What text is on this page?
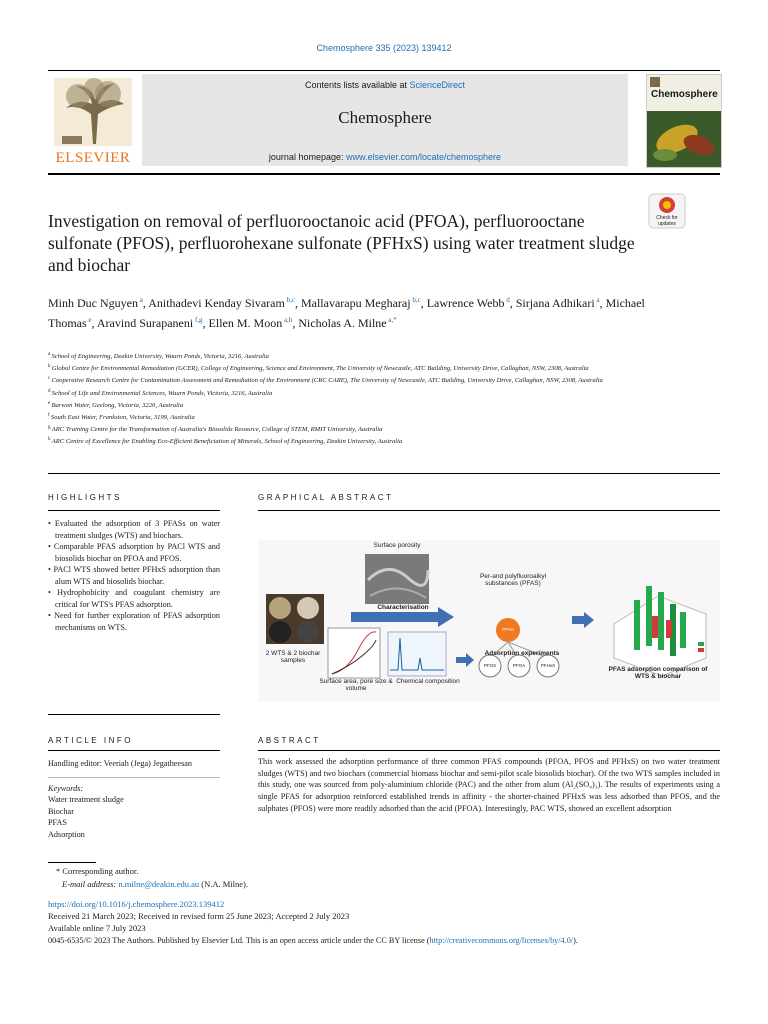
Chemosphere 335 (2023) 139412
ELSEVIER
Contents lists available at ScienceDirect
Chemosphere
journal homepage: www.elsevier.com/locate/chemosphere
Chemosphere
Check for updates
Investigation on removal of perfluorooctanoic acid (PFOA), perfluorooctane sulfonate (PFOS), perfluorohexane sulfonate (PFHxS) using water treatment sludge and biochar
Minh Duc Nguyen $^a$, Anithadevi Kenday Sivaram $^{b,c}$, Mallavarapu Megharaj $^{b,c}$, Lawrence Webb $^d$, Sirjana Adhikari $^a$, Michael Thomas $^e$, Aravind Surapaneni $^{f,g}$, Ellen M. Moon $^{a,h}$, Nicholas A. Milne $^{a,*}$
$^a$ School of Engineering, Deakin University, Waurn Ponds, Victoria, 3216, Australia
$^b$ Global Centre for Environmental Remediation (GCER), College of Engineering, Science and Environment, The University of Newcastle, ATC Building, University Drive, Callaghan, NSW, 2308, Australia
$^c$ Cooperative Research Centre for Contamination Assessment and Remediation of the Environment (CRC CARE), The University of Newcastle, ATC Building, University Drive, Callaghan, NSW, 2308, Australia
$^d$ School of Life and Environmental Sciences, Waurn Ponds, Victoria, 3216, Australia
$^e$ Barwon Water, Geelong, Victoria, 3220, Australia
$^f$ South East Water, Frankston, Victoria, 3199, Australia
$^g$ ARC Training Centre for the Transformation of Australia's Biosolids Resource, College of STEM, RMIT University, Australia
$^h$ ARC Centre of Excellence for Enabling Eco-Efficient Beneficiation of Minerals, School of Engineering, Deakin University, Australia
HIGHLIGHTS
• Evaluated the adsorption of 3 PFASs on water treatment sludges (WTS) and biochars.
• Comparable PFAS adsorption by PACl WTS and biosolids biochar on PFOA and PFOS.
• PACl WTS showed better PFHxS adsorption than alum WTS and biosolids biochar.
• Hydrophobicity and coagulant chemistry are critical for WTS's PFAS adsorption.
• Need for further exploration of PFAS adsorption mechanisms on WTS.
GRAPHICAL ABSTRACT
2 WTS & 2 biochar samples
Surface porosity
Characterisation
Surface area, pore size & volume
Chemical composition
Per-and polyfluoroalkyl substances (PFAS)
PFAS
PFOS	PFOA	PFHxS
Adsorption experiments
PFAS adsorption comparison of WTS & biochar
ARTICLE INFO
Handling editor: Veeriah (Jega) Jegatheesan
Keywords:
Water treatment sludge
Biochar
PFAS
Adsorption
ABSTRACT
This work assessed the adsorption performance of three common PFAS compounds (PFOA, PFOS and PFHxS) on two water treatment sludges (WTS) and two biochars (commercial biomass biochar and semi-pilot scale biosolids biochar). Of the two WTS samples included in this study, one was sourced from poly-aluminium chloride (PAC) and the other from alum (Al₂(SO₄)₃). The results of experiments using a single PFAS for adsorption reinforced established trends in affinity - the shorter-chained PFHxS was less adsorbed than PFOS, and the sulphates (PFOS) were more readily adsorbed than the acid (PFOA). Interestingly, PAC WTS, showed an excellent adsorption
* Corresponding author.
E-mail address: n.milne@deakin.edu.au (N.A. Milne).
https://doi.org/10.1016/j.chemosphere.2023.139412
Received 21 March 2023; Received in revised form 25 June 2023; Accepted 2 July 2023
Available online 7 July 2023
0045-6535/© 2023 The Authors. Published by Elsevier Ltd. This is an open access article under the CC BY license (http://creativecommons.org/licenses/by/4.0/).
